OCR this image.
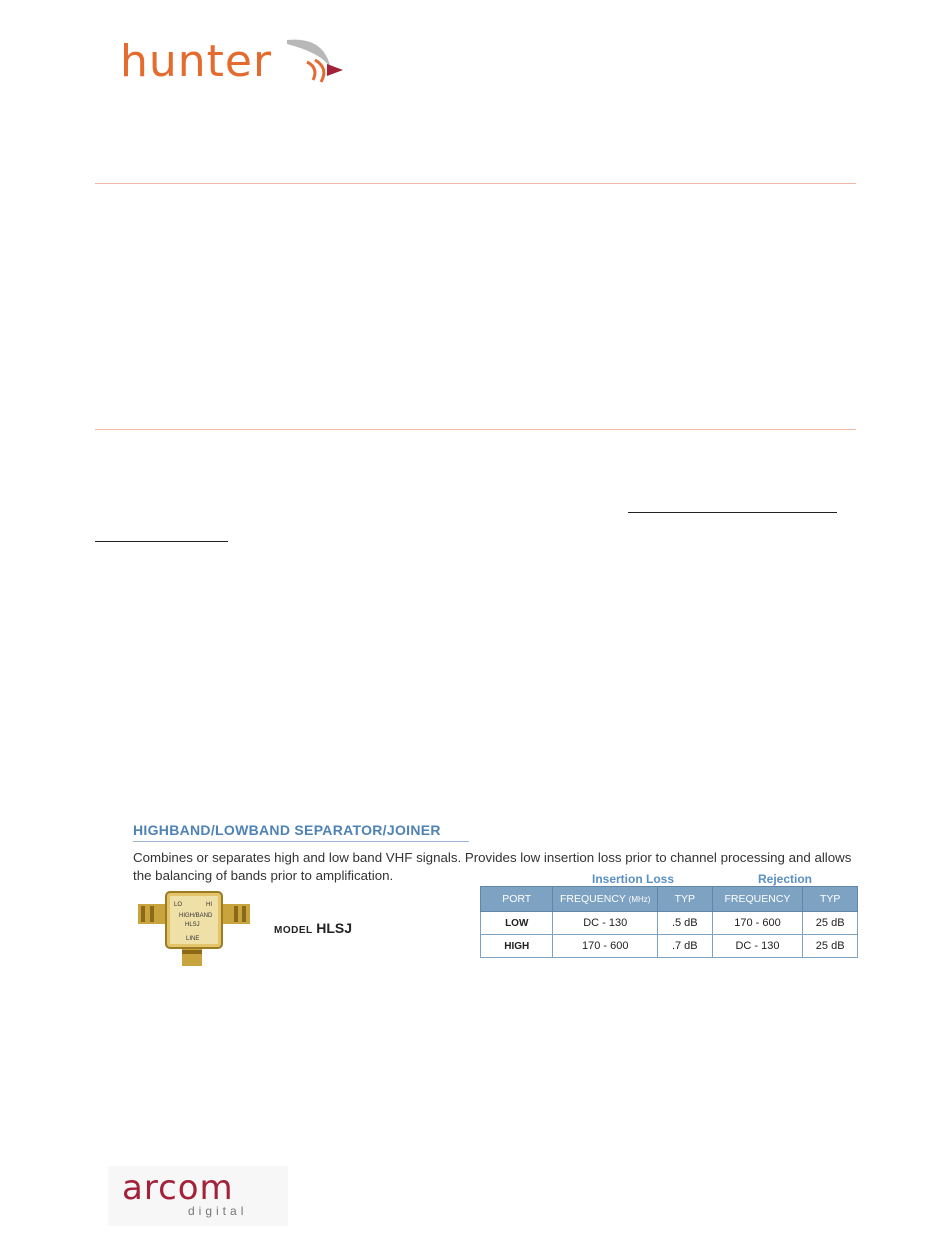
hunter
HIGHBAND/LOWBAND SEPARATOR/JOINER
Combines or separates high and low band VHF signals. Provides low insertion loss prior to channel processing and allows the balancing of bands prior to amplification.
LO	HI
HIGH/BAND
HLSJ
LINE
MODEL HLSJ
Insertion Loss	Rejection
PORT	FREQUENCY (MHz)	TYP	FREQUENCY	TYP
LOW	DC - 130	.5 dB	170 - 600	25 dB
HIGH	170 - 600	.7 dB	DC - 130	25 dB
arcom
digital
